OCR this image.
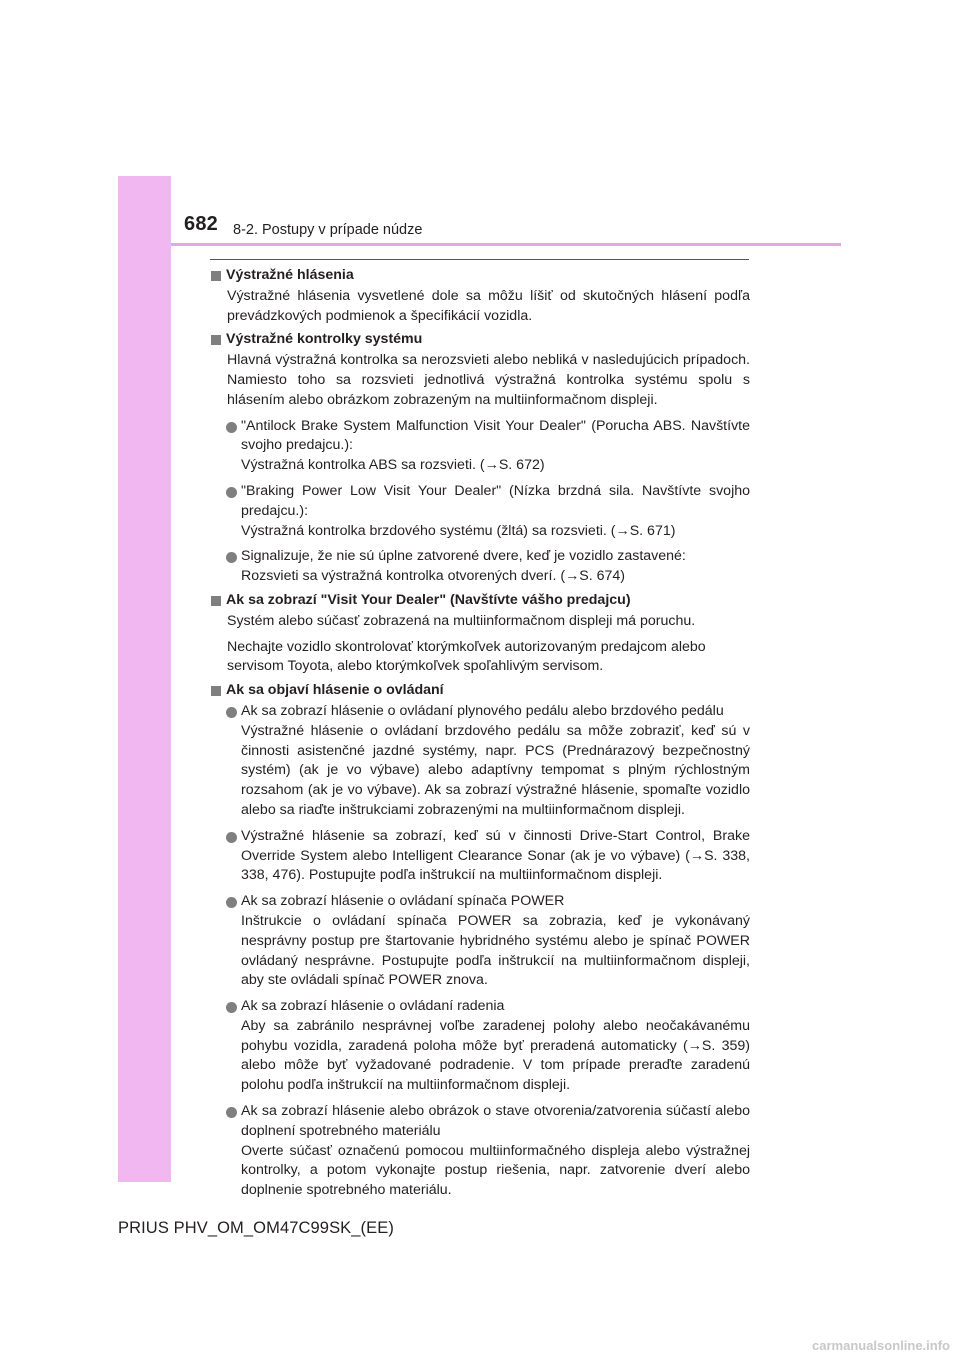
682 8-2. Postupy v prípade núdze
Výstražné hlásenia
Výstražné hlásenia vysvetlené dole sa môžu líšiť od skutočných hlásení podľa prevádzkových podmienok a špecifikácií vozidla.
Výstražné kontrolky systému
Hlavná výstražná kontrolka sa nerozsvieti alebo nebliká v nasledujúcich prípadoch. Namiesto toho sa rozsvieti jednotlivá výstražná kontrolka systému spolu s hlásením alebo obrázkom zobrazeným na multiinformačnom displeji.
"Antilock Brake System Malfunction Visit Your Dealer" (Porucha ABS. Navštívte svojho predajcu.):
Výstražná kontrolka ABS sa rozsvieti. (→S. 672)
"Braking Power Low Visit Your Dealer" (Nízka brzdná sila. Navštívte svojho predajcu.):
Výstražná kontrolka brzdového systému (žltá) sa rozsvieti. (→S. 671)
Signalizuje, že nie sú úplne zatvorené dvere, keď je vozidlo zastavené:
Rozsvieti sa výstražná kontrolka otvorených dverí. (→S. 674)
Ak sa zobrazí "Visit Your Dealer" (Navštívte vášho predajcu)
Systém alebo súčasť zobrazená na multiinformačnom displeji má poruchu.
Nechajte vozidlo skontrolovať ktorýmkoľvek autorizovaným predajcom alebo servisom Toyota, alebo ktorýmkoľvek spoľahlivým servisom.
Ak sa objaví hlásenie o ovládaní
Ak sa zobrazí hlásenie o ovládaní plynového pedálu alebo brzdového pedálu
Výstražné hlásenie o ovládaní brzdového pedálu sa môže zobraziť, keď sú v činnosti asistenčné jazdné systémy, napr. PCS (Prednárazový bezpečnostný systém) (ak je vo výbave) alebo adaptívny tempomat s plným rýchlostným rozsahom (ak je vo výbave). Ak sa zobrazí výstražné hlásenie, spomaľte vozidlo alebo sa riaďte inštrukciami zobrazenými na multiinformačnom displeji.
Výstražné hlásenie sa zobrazí, keď sú v činnosti Drive-Start Control, Brake Override System alebo Intelligent Clearance Sonar (ak je vo výbave) (→S. 338, 338, 476). Postupujte podľa inštrukcií na multiinformačnom displeji.
Ak sa zobrazí hlásenie o ovládaní spínača POWER
Inštrukcie o ovládaní spínača POWER sa zobrazia, keď je vykonávaný nesprávny postup pre štartovanie hybridného systému alebo je spínač POWER ovládaný nesprávne. Postupujte podľa inštrukcií na multiinformačnom displeji, aby ste ovládali spínač POWER znova.
Ak sa zobrazí hlásenie o ovládaní radenia
Aby sa zabránilo nesprávnej voľbe zaradenej polohy alebo neočakávanému pohybu vozidla, zaradená poloha môže byť preradená automaticky (→S. 359) alebo môže byť vyžadované podradenie. V tom prípade preraďte zaradenú polohu podľa inštrukcií na multiinformačnom displeji.
Ak sa zobrazí hlásenie alebo obrázok o stave otvorenia/zatvorenia súčastí alebo doplnení spotrebného materiálu
Overte súčasť označenú pomocou multiinformačného displeja alebo výstražnej kontrolky, a potom vykonajte postup riešenia, napr. zatvorenie dverí alebo doplnenie spotrebného materiálu.
PRIUS PHV_OM_OM47C99SK_(EE)
carmanualsonline.info
